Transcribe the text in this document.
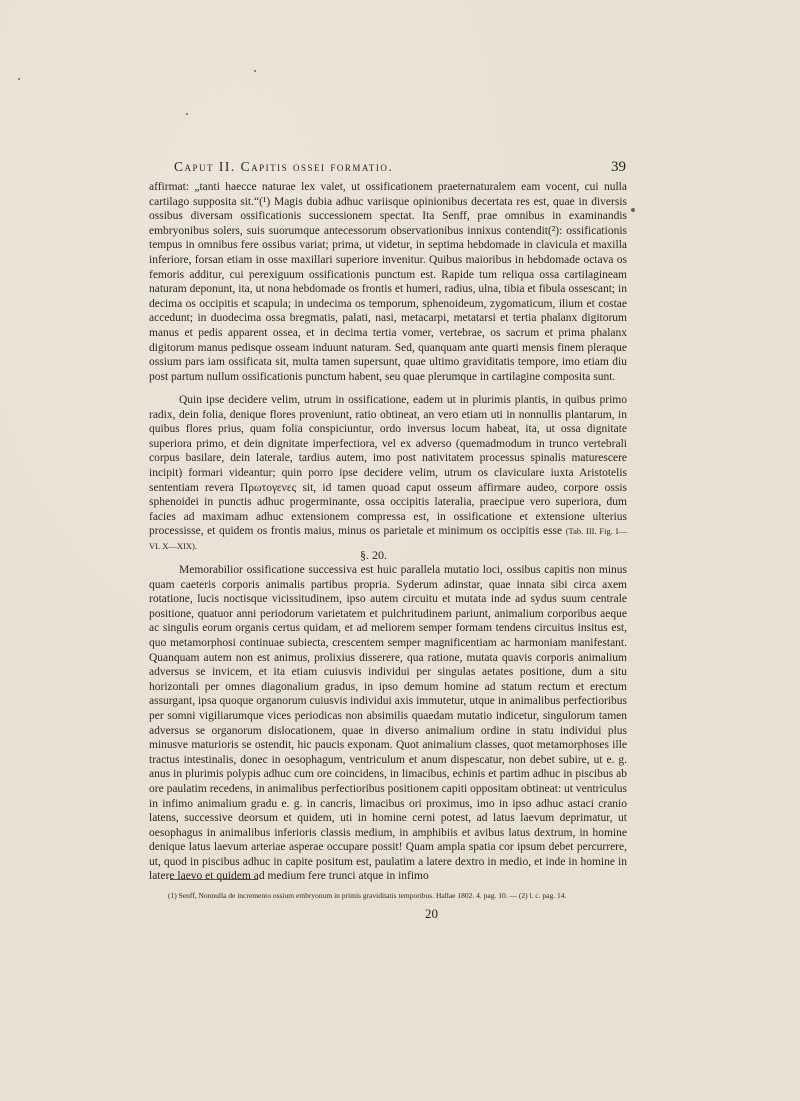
Caput II. Capitis ossei formatio.	39

affirmat: „tanti haecce naturae lex valet, ut ossificationem praeternaturalem eam vocent, cui nulla cartilago supposita sit.“(¹) Magis dubia adhuc variisque opinionibus decertata res est, quae in diversis ossibus diversam ossificationis successionem spectat. Ita Senff, prae omnibus in examinandis embryonibus solers, suis suorumque antecessorum observationibus innixus contendit(²): ossificationis tempus in omnibus fere ossibus variat; prima, ut videtur, in septima hebdomade in clavicula et maxilla inferiore, forsan etiam in osse maxillari superiore invenitur. Quibus maioribus in hebdomade octava os femoris additur, cui perexiguum ossificationis punctum est. Rapide tum reliqua ossa cartilagineam naturam deponunt, ita, ut nona hebdomade os frontis et humeri, radius, ulna, tibia et fibula ossescant; in decima os occipitis et scapula; in undecima os temporum, sphenoideum, zygomaticum, ilium et costae accedunt; in duodecima ossa bregmatis, palati, nasi, metacarpi, metatarsi et tertia phalanx digitorum manus et pedis apparent ossea, et in decima tertia vomer, vertebrae, os sacrum et prima phalanx digitorum manus pedisque osseam induunt naturam. Sed, quanquam ante quarti mensis finem pleraque ossium pars iam ossificata sit, multa tamen supersunt, quae ultimo graviditatis tempore, imo etiam diu post partum nullum ossificationis punctum habent, seu quae plerumque in cartilagine composita sunt.

Quin ipse decidere velim, utrum in ossificatione, eadem ut in plurimis plantis, in quibus primo radix, dein folia, denique flores proveniunt, ratio obtineat, an vero etiam uti in nonnullis plantarum, in quibus flores prius, quam folia conspiciuntur, ordo inversus locum habeat, ita, ut ossa dignitate superiora primo, et dein dignitate imperfectiora, vel ex adverso (quemadmodum in trunco vertebrali corpus basilare, dein laterale, tardius autem, imo post nativitatem processus spinalis maturescere incipit) formari videantur; quin porro ipse decidere velim, utrum os claviculare iuxta Aristotelis sententiam revera Πρωτογενες sit, id tamen quoad caput osseum affirmare audeo, corpore ossis sphenoidei in punctis adhuc progerminante, ossa occipitis lateralia, praecipue vero superiora, dum facies ad maximam adhuc extensionem compressa est, in ossificatione et extensione ulterius processisse, et quidem os frontis maius, minus os parietale et minimum os occipitis esse (Tab. III. Fig. I—VI. X—XIX).

§. 20.

Memorabilior ossificatione successiva est huic parallela mutatio loci, ossibus capitis non minus quam caeteris corporis animalis partibus propria. Syderum adinstar, quae innata sibi circa axem rotatione, lucis noctisque vicissitudinem, ipso autem circuitu et mutata inde ad sydus suum centrale positione, quatuor anni periodorum varietatem et pulchritudinem pariunt, animalium corporibus aeque ac singulis eorum organis certus quidam, et ad meliorem semper formam tendens circuitus insitus est, quo metamorphosi continuae subiecta, crescentem semper magnificentiam ac harmoniam manifestant. Quanquam autem non est animus, prolixius disserere, qua ratione, mutata quavis corporis animalium adversus se invicem, et ita etiam cuiusvis individui per singulas aetates positione, dum a situ horizontali per omnes diagonalium gradus, in ipso demum homine ad statum rectum et erectum assurgant, ipsa quoque organorum cuiusvis individui axis immutetur, utque in animalibus perfectioribus per somni vigiliarumque vices periodicas non absimilis quaedam mutatio indicetur, singulorum tamen adversus se organorum dislocationem, quae in diverso animalium ordine in statu individui plus minusve maturioris se ostendit, hic paucis exponam. Quot animalium classes, quot metamorphoses ille tractus intestinalis, donec in oesophagum, ventriculum et anum dispescatur, non debet subire, ut e. g. anus in plurimis polypis adhuc cum ore coincidens, in limacibus, echinis et partim adhuc in piscibus ab ore paulatim recedens, in animalibus perfectioribus positionem capiti oppositam obtineat: ut ventriculus in infimo animalium gradu e. g. in cancris, limacibus ori proximus, imo in ipso adhuc astaci cranio latens, successive deorsum et quidem, uti in homine cerni potest, ad latus laevum deprimatur, ut oesophagus in animalibus inferioris classis medium, in amphibiis et avibus latus dextrum, in homine denique latus laevum arteriae asperae occupare possit! Quam ampla spatia cor ipsum debet percurrere, ut, quod in piscibus adhuc in capite positum est, paulatim a latere dextro in medio, et inde in homine in latere laevo et quidem ad medium fere trunci atque in infimo

(1) Senff, Nonnulla de incremento ossium embryonum in primis graviditatis temporibus. Hallae 1802. 4. pag. 10. — (2) l. c. pag. 14.
20
